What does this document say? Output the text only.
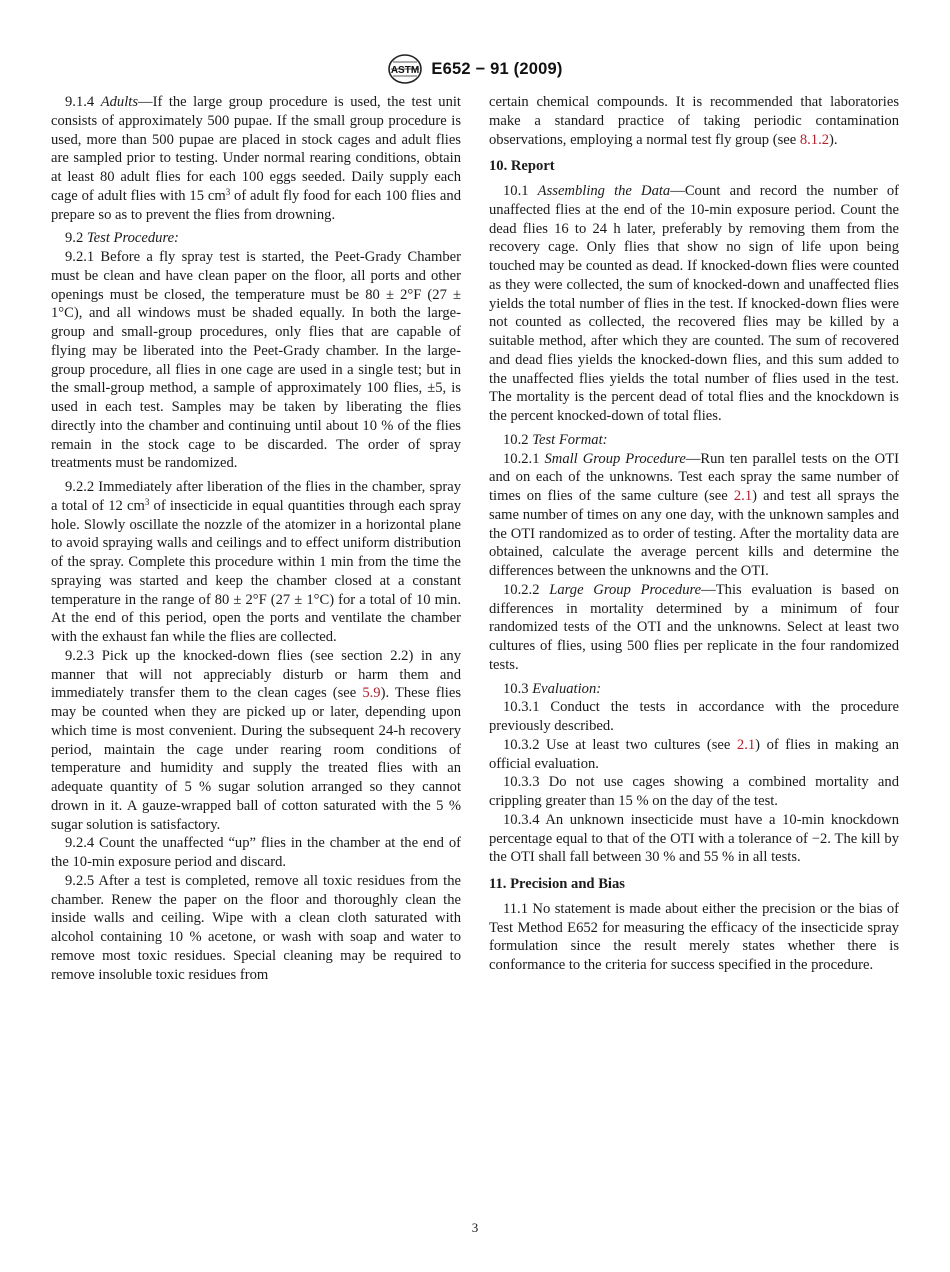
ASTM E652 − 91 (2009)

9.1.4 Adults—If the large group procedure is used, the test unit consists of approximately 500 pupae. If the small group procedure is used, more than 500 pupae are placed in stock cages and adult flies are sampled prior to testing. Under normal rearing conditions, obtain at least 80 adult flies for each 100 eggs seeded. Daily supply each cage of adult flies with 15 $cm^3$ of adult fly food for each 100 flies and prepare so as to prevent the flies from drowning.

9.2 Test Procedure:

9.2.1 Before a fly spray test is started, the Peet-Grady Chamber must be clean and have clean paper on the floor, all ports and other openings must be closed, the temperature must be 80 ± 2°F (27 ± 1°C), and all windows must be shaded equally. In both the large-group and small-group procedures, only flies that are capable of flying may be liberated into the Peet-Grady chamber. In the large-group procedure, all flies in one cage are used in a single test; but in the small-group method, a sample of approximately 100 flies, ±5, is used in each test. Samples may be taken by liberating the flies directly into the chamber and continuing until about 10 % of the flies remain in the stock cage to be discarded. The order of spray treatments must be randomized.

9.2.2 Immediately after liberation of the flies in the chamber, spray a total of 12 $cm^3$ of insecticide in equal quantities through each spray hole. Slowly oscillate the nozzle of the atomizer in a horizontal plane to avoid spraying walls and ceilings and to effect uniform distribution of the spray. Complete this procedure within 1 min from the time the spraying was started and keep the chamber closed at a constant temperature in the range of 80 ± 2°F (27 ± 1°C) for a total of 10 min. At the end of this period, open the ports and ventilate the chamber with the exhaust fan while the flies are collected.

9.2.3 Pick up the knocked-down flies (see section 2.2) in any manner that will not appreciably disturb or harm them and immediately transfer them to the clean cages (see 5.9). These flies may be counted when they are picked up or later, depending upon which time is most convenient. During the subsequent 24-h recovery period, maintain the cage under rearing room conditions of temperature and humidity and supply the treated flies with an adequate quantity of 5 % sugar solution arranged so they cannot drown in it. A gauze-wrapped ball of cotton saturated with the 5 % sugar solution is satisfactory.

9.2.4 Count the unaffected “up” flies in the chamber at the end of the 10-min exposure period and discard.

9.2.5 After a test is completed, remove all toxic residues from the chamber. Renew the paper on the floor and thoroughly clean the inside walls and ceiling. Wipe with a clean cloth saturated with alcohol containing 10 % acetone, or wash with soap and water to remove most toxic residues. Special cleaning may be required to remove insoluble toxic residues from

certain chemical compounds. It is recommended that laboratories make a standard practice of taking periodic contamination observations, employing a normal test fly group (see 8.1.2).

10. Report

10.1 Assembling the Data—Count and record the number of unaffected flies at the end of the 10-min exposure period. Count the dead flies 16 to 24 h later, preferably by removing them from the recovery cage. Only flies that show no sign of life upon being touched may be counted as dead. If knocked-down flies were counted as they were collected, the sum of knocked-down and unaffected flies yields the total number of flies in the test. If knocked-down flies were not counted as collected, the recovered flies may be killed by a suitable method, after which they are counted. The sum of recovered and dead flies yields the knocked-down flies, and this sum added to the unaffected flies yields the total number of flies used in the test. The mortality is the percent dead of total flies and the knockdown is the percent knocked-down of total flies.

10.2 Test Format:

10.2.1 Small Group Procedure—Run ten parallel tests on the OTI and on each of the unknowns. Test each spray the same number of times on flies of the same culture (see 2.1) and test all sprays the same number of times on any one day, with the unknown samples and the OTI randomized as to order of testing. After the mortality data are obtained, calculate the average percent kills and determine the differences between the unknowns and the OTI.

10.2.2 Large Group Procedure—This evaluation is based on differences in mortality determined by a minimum of four randomized tests of the OTI and the unknowns. Select at least two cultures of flies, using 500 flies per replicate in the four randomized tests.

10.3 Evaluation:

10.3.1 Conduct the tests in accordance with the procedure previously described.

10.3.2 Use at least two cultures (see 2.1) of flies in making an official evaluation.

10.3.3 Do not use cages showing a combined mortality and crippling greater than 15 % on the day of the test.

10.3.4 An unknown insecticide must have a 10-min knockdown percentage equal to that of the OTI with a tolerance of −2. The kill by the OTI shall fall between 30 % and 55 % in all tests.

11. Precision and Bias

11.1 No statement is made about either the precision or the bias of Test Method E652 for measuring the efficacy of the insecticide spray formulation since the result merely states whether there is conformance to the criteria for success specified in the procedure.

3
